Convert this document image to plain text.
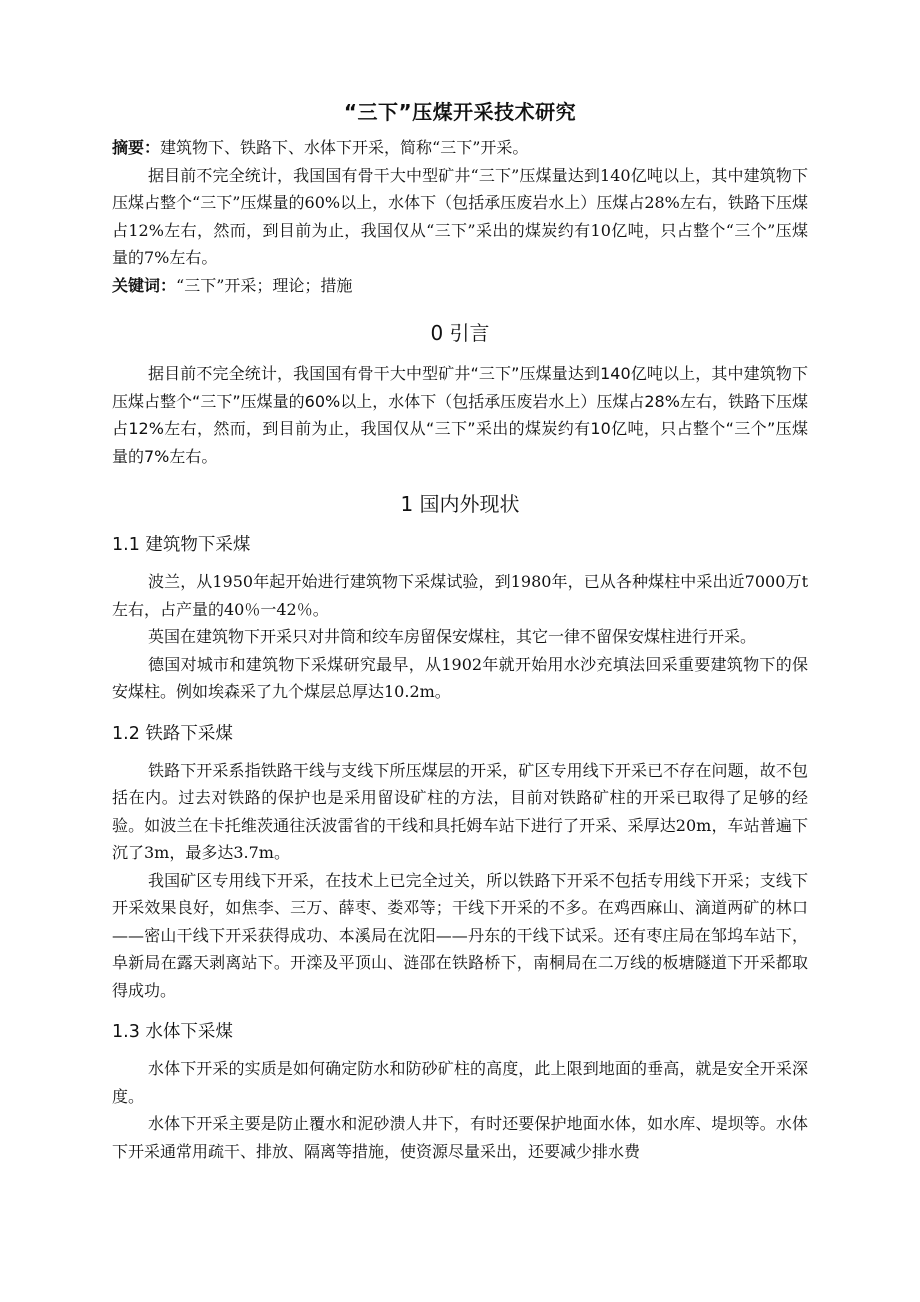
“三下”压煤开采技术研究

摘要：建筑物下、铁路下、水体下开采，简称“三下”开采。

据目前不完全统计，我国国有骨干大中型矿井“三下”压煤量达到140亿吨以上，其中建筑物下压煤占整个“三下”压煤量的60%以上，水体下（包括承压废岩水上）压煤占28%左右，铁路下压煤占12%左右，然而，到目前为止，我国仅从“三下”采出的煤炭约有10亿吨，只占整个“三个”压煤量的7%左右。

关键词：“三下”开采；理论；措施

0 引言

据目前不完全统计，我国国有骨干大中型矿井“三下”压煤量达到140亿吨以上，其中建筑物下压煤占整个“三下”压煤量的60%以上，水体下（包括承压废岩水上）压煤占28%左右，铁路下压煤占12%左右，然而，到目前为止，我国仅从“三下”采出的煤炭约有10亿吨，只占整个“三个”压煤量的7%左右。

1 国内外现状
1.1 建筑物下采煤

波兰，从1950年起开始进行建筑物下采煤试验，到1980年，已从各种煤柱中采出近7000万t左右，占产量的40％一42％。

英国在建筑物下开采只对井筒和绞车房留保安煤柱，其它一律不留保安煤柱进行开采。

德国对城市和建筑物下采煤研究最早，从1902年就开始用水沙充填法回采重要建筑物下的保安煤柱。例如埃森采了九个煤层总厚达10.2m。

1.2 铁路下采煤

铁路下开采系指铁路干线与支线下所压煤层的开采，矿区专用线下开采已不存在问题，故不包括在内。过去对铁路的保护也是采用留设矿柱的方法，目前对铁路矿柱的开采已取得了足够的经验。如波兰在卡托维茨通往沃波雷省的干线和具托姆车站下进行了开采、采厚达20m，车站普遍下沉了3m，最多达3.7m。

我国矿区专用线下开采，在技术上已完全过关，所以铁路下开采不包括专用线下开采；支线下开采效果良好，如焦李、三万、薛枣、娄邓等；干线下开采的不多。在鸡西麻山、滴道两矿的林口——密山干线下开采获得成功、本溪局在沈阳——丹东的干线下试采。还有枣庄局在邹坞车站下，阜新局在露天剥离站下。开滦及平顶山、涟邵在铁路桥下，南桐局在二万线的板塘隧道下开采都取得成功。

1.3 水体下采煤

水体下开采的实质是如何确定防水和防砂矿柱的高度，此上限到地面的垂高，就是安全开采深度。

水体下开采主要是防止覆水和泥砂溃人井下，有时还要保护地面水体，如水库、堤坝等。水体下开采通常用疏干、排放、隔离等措施，使资源尽量采出，还要减少排水费
